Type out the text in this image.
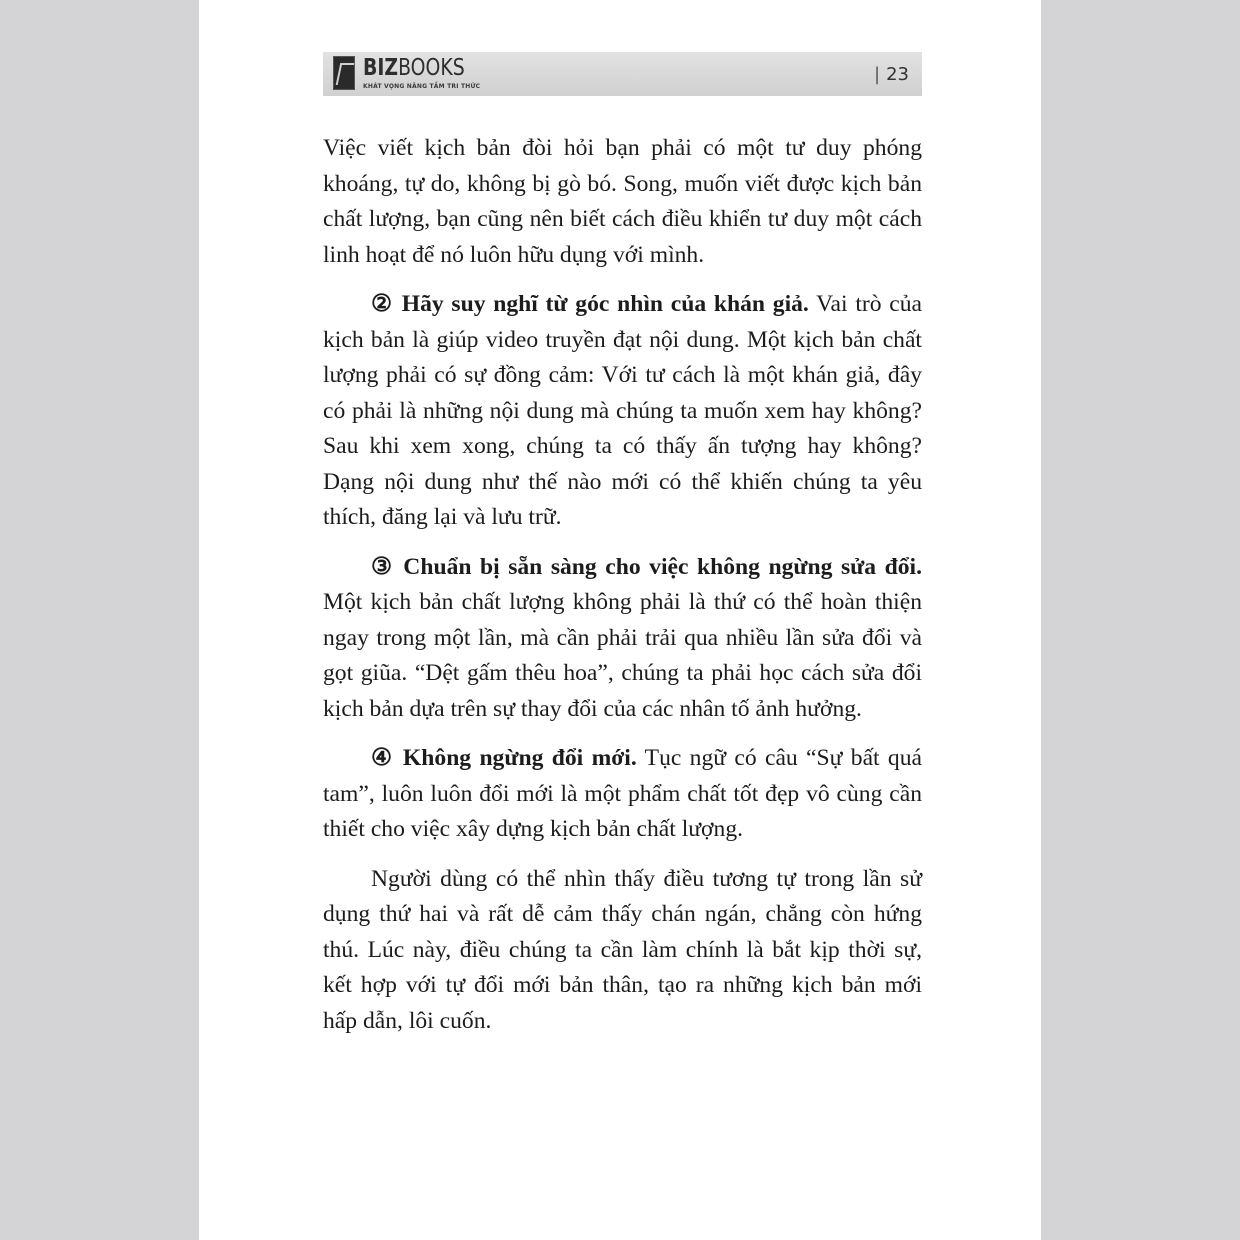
BIZBOOKS
KHÁT VỌNG NÂNG TẦM TRI THỨC
| 23

Việc viết kịch bản đòi hỏi bạn phải có một tư duy phóng khoáng, tự do, không bị gò bó. Song, muốn viết được kịch bản chất lượng, bạn cũng nên biết cách điều khiển tư duy một cách linh hoạt để nó luôn hữu dụng với mình.

② Hãy suy nghĩ từ góc nhìn của khán giả. Vai trò của kịch bản là giúp video truyền đạt nội dung. Một kịch bản chất lượng phải có sự đồng cảm: Với tư cách là một khán giả, đây có phải là những nội dung mà chúng ta muốn xem hay không? Sau khi xem xong, chúng ta có thấy ấn tượng hay không? Dạng nội dung như thế nào mới có thể khiến chúng ta yêu thích, đăng lại và lưu trữ.

③ Chuẩn bị sẵn sàng cho việc không ngừng sửa đổi. Một kịch bản chất lượng không phải là thứ có thể hoàn thiện ngay trong một lần, mà cần phải trải qua nhiều lần sửa đổi và gọt giũa. “Dệt gấm thêu hoa”, chúng ta phải học cách sửa đổi kịch bản dựa trên sự thay đổi của các nhân tố ảnh hưởng.

④ Không ngừng đổi mới. Tục ngữ có câu “Sự bất quá tam”, luôn luôn đổi mới là một phẩm chất tốt đẹp vô cùng cần thiết cho việc xây dựng kịch bản chất lượng.

Người dùng có thể nhìn thấy điều tương tự trong lần sử dụng thứ hai và rất dễ cảm thấy chán ngán, chẳng còn hứng thú. Lúc này, điều chúng ta cần làm chính là bắt kịp thời sự, kết hợp với tự đổi mới bản thân, tạo ra những kịch bản mới hấp dẫn, lôi cuốn.
